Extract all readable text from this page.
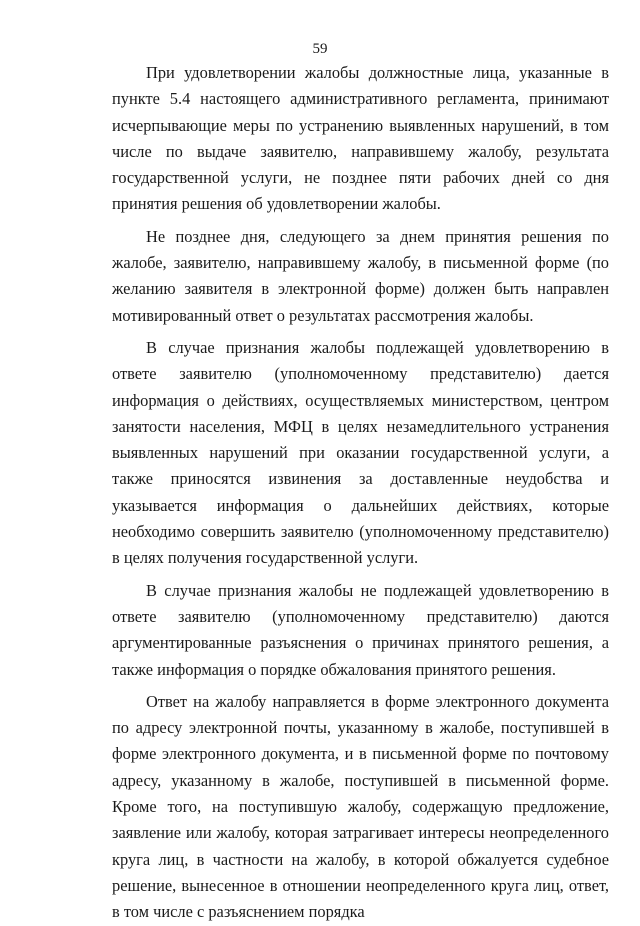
59

При удовлетворении жалобы должностные лица, указанные в пункте 5.4 настоящего административного регламента, принимают исчерпывающие меры по устранению выявленных нарушений, в том числе по выдаче заявителю, направившему жалобу, результата государственной услуги, не позднее пяти рабочих дней со дня принятия решения об удовлетворении жалобы.

Не позднее дня, следующего за днем принятия решения по жалобе, заявителю, направившему жалобу, в письменной форме (по желанию заявителя в электронной форме) должен быть направлен мотивированный ответ о результатах рассмотрения жалобы.

В случае признания жалобы подлежащей удовлетворению в ответе заявителю (уполномоченному представителю) дается информация о действиях, осуществляемых министерством, центром занятости населения, МФЦ в целях незамедлительного устранения выявленных нарушений при оказании государственной услуги, а также приносятся извинения за доставленные неудобства и указывается информация о дальнейших действиях, которые необходимо совершить заявителю (уполномоченному представителю) в целях получения государственной услуги.

В случае признания жалобы не подлежащей удовлетворению в ответе заявителю (уполномоченному представителю) даются аргументированные разъяснения о причинах принятого решения, а также информация о порядке обжалования принятого решения.

Ответ на жалобу направляется в форме электронного документа по адресу электронной почты, указанному в жалобе, поступившей в форме электронного документа, и в письменной форме по почтовому адресу, указанному в жалобе, поступившей в письменной форме. Кроме того, на поступившую жалобу, содержащую предложение, заявление или жалобу, которая затрагивает интересы неопределенного круга лиц, в частности на жалобу, в которой обжалуется судебное решение, вынесенное в отношении неопределенного круга лиц, ответ, в том числе с разъяснением порядка
